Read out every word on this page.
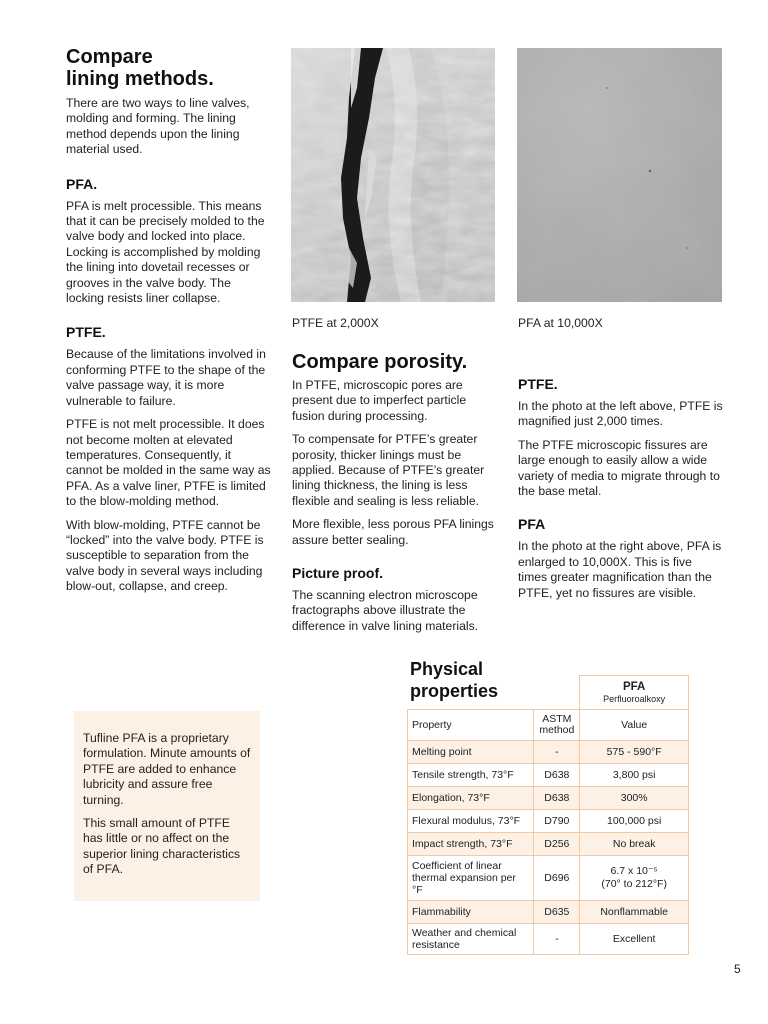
Compare
lining methods.

There are two ways to line valves, molding and forming. The lining method depends upon the lining material used.

PFA.

PFA is melt processible. This means that it can be precisely molded to the valve body and locked into place. Locking is accomplished by molding the lining into dovetail recesses or grooves in the valve body. The locking resists liner collapse.

PTFE.

Because of the limitations involved in conforming PTFE to the shape of the valve passage way, it is more vulnerable to failure.

PTFE is not melt processible. It does not become molten at elevated temperatures. Consequently, it cannot be molded in the same way as PFA. As a valve liner, PTFE is limited to the blow-molding method.

With blow-molding, PTFE cannot be “locked” into the valve body. PTFE is susceptible to separation from the valve body in several ways including blow-out, collapse, and creep.

PTFE at 2,000X	PFA at 10,000X

Compare porosity.

In PTFE, microscopic pores are present due to imperfect particle fusion during processing.

To compensate for PTFE’s greater porosity, thicker linings must be applied. Because of PTFE’s greater lining thickness, the lining is less flexible and sealing is less reliable.

More flexible, less porous PFA linings assure better sealing.

Picture proof.

The scanning electron microscope fractographs above illustrate the difference in valve lining materials.

PTFE.

In the photo at the left above, PTFE is magnified just 2,000 times.

The PTFE microscopic fissures are large enough to easily allow a wide variety of media to migrate through to the base metal.

PFA

In the photo at the right above, PFA is enlarged to 10,000X. This is five times greater magnification than the PTFE, yet no fissures are visible.

Tufline PFA is a proprietary formulation. Minute amounts of PTFE are added to enhance lubricity and assure free turning.

This small amount of PTFE has little or no affect on the superior lining characteristics of PFA.

Physical
properties

		PFA
Perfluoroalkoxy

Property	ASTM method	Value
Melting point	-	575 - 590°F
Tensile strength, 73°F	D638	3,800 psi
Elongation, 73°F	D638	300%
Flexural modulus, 73°F	D790	100,000 psi
Impact strength, 73°F	D256	No break
Coefficient of linear thermal expansion per °F	D696	6.7 x 10⁻⁵
(70° to 212°F)

Flammability	D635	Nonflammable
Weather and chemical resistance	-	Excellent

5
